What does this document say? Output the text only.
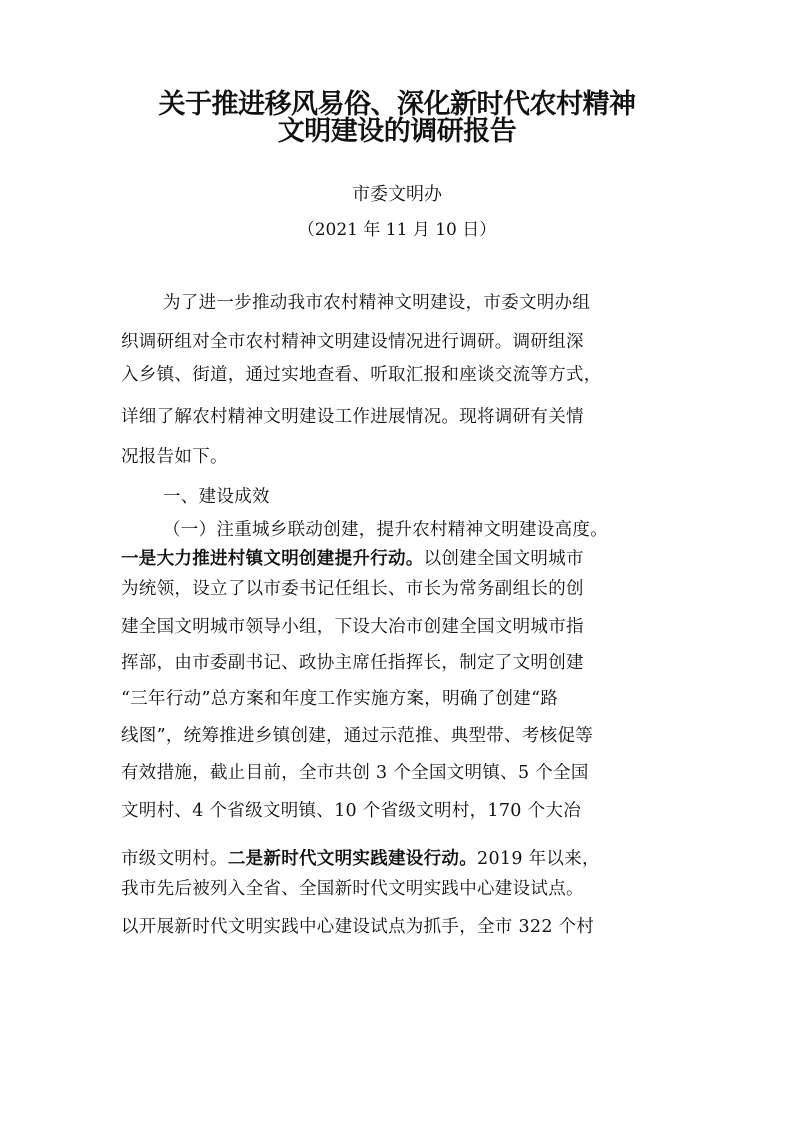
关于推进移风易俗、深化新时代农村精神
文明建设的调研报告
市委文明办
（2021 年 11 月 10 日）
为了进一步推动我市农村精神文明建设，市委文明办组
织调研组对全市农村精神文明建设情况进行调研。调研组深
入乡镇、街道，通过实地查看、听取汇报和座谈交流等方式，
详细了解农村精神文明建设工作进展情况。现将调研有关情
况报告如下。
一、建设成效
（一）注重城乡联动创建，提升农村精神文明建设高度。
一是大力推进村镇文明创建提升行动。以创建全国文明城市
为统领，设立了以市委书记任组长、市长为常务副组长的创
建全国文明城市领导小组，下设大冶市创建全国文明城市指
挥部，由市委副书记、政协主席任指挥长，制定了文明创建
“三年行动”总方案和年度工作实施方案，明确了创建“路
线图”，统筹推进乡镇创建，通过示范推、典型带、考核促等
有效措施，截止目前，全市共创 3 个全国文明镇、5 个全国
文明村、4 个省级文明镇、10 个省级文明村，170 个大冶
市级文明村。二是新时代文明实践建设行动。2019 年以来，
我市先后被列入全省、全国新时代文明实践中心建设试点。
以开展新时代文明实践中心建设试点为抓手，全市 322 个村
